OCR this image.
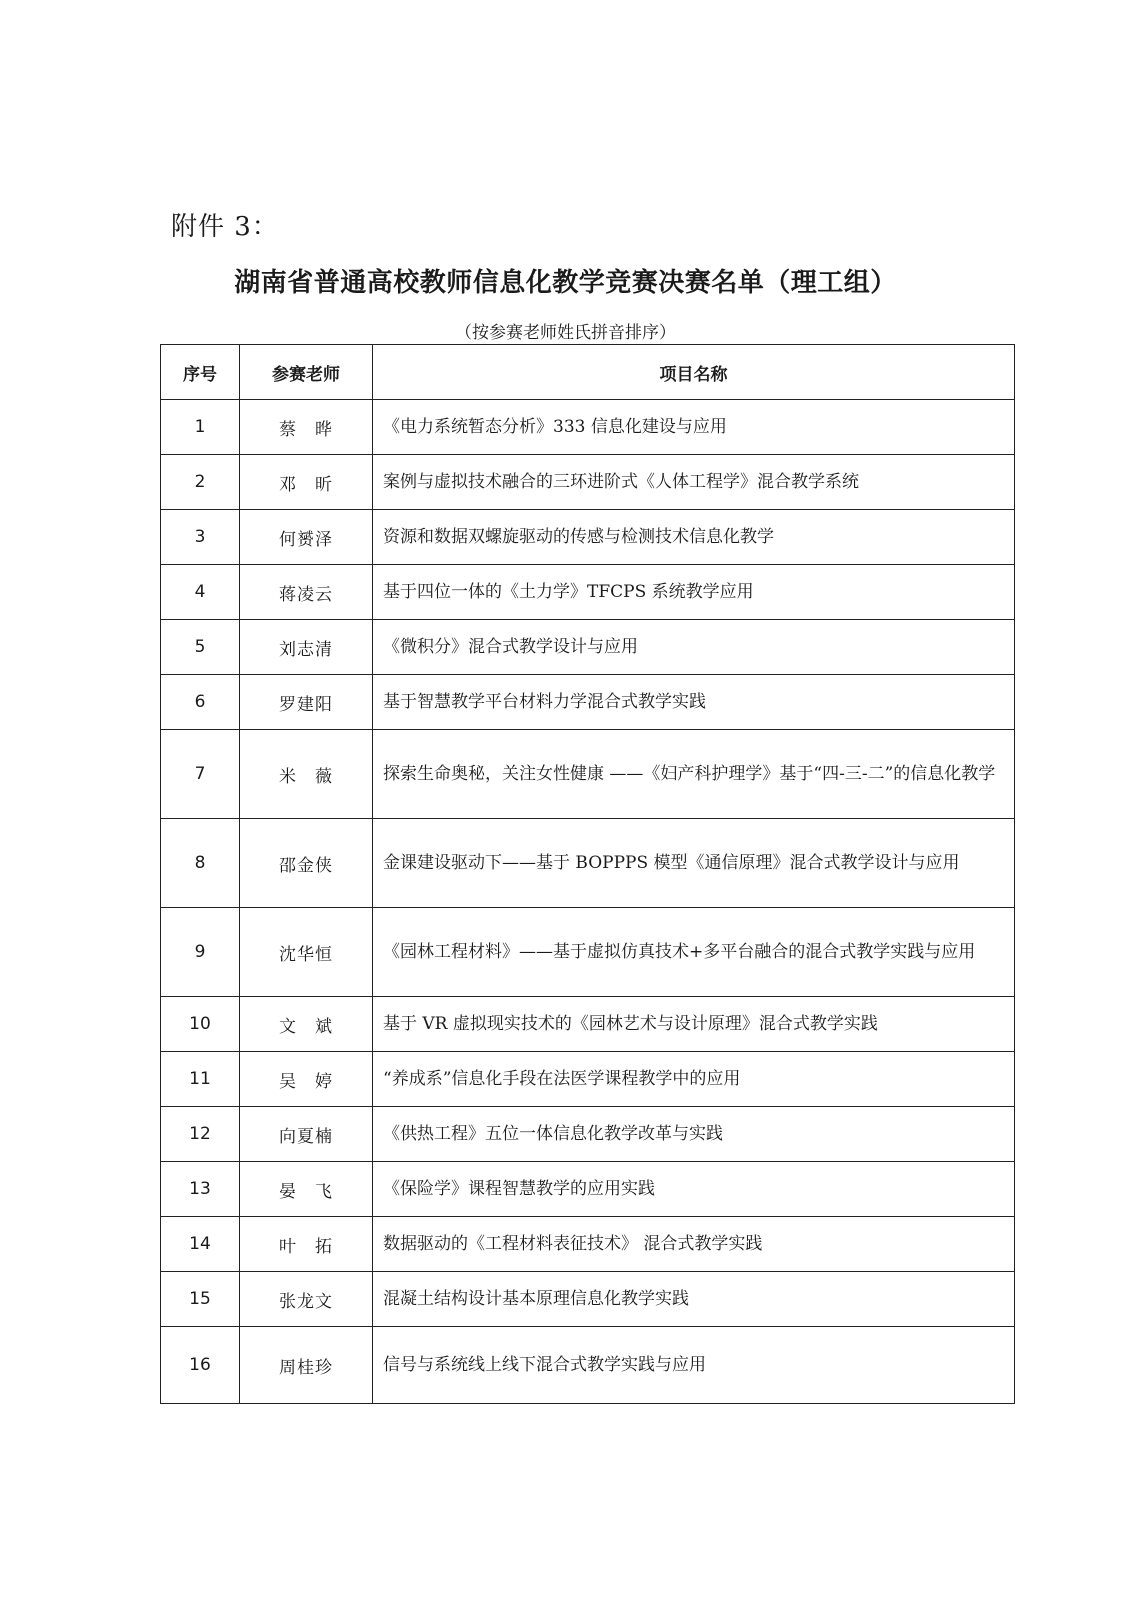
附件 3：
湖南省普通高校教师信息化教学竞赛决赛名单（理工组）
（按参赛老师姓氏拼音排序）
序号	参赛老师	项目名称
1	蔡　晔	《电力系统暂态分析》333 信息化建设与应用
2	邓　昕	案例与虚拟技术融合的三环进阶式《人体工程学》混合教学系统
3	何赟泽	资源和数据双螺旋驱动的传感与检测技术信息化教学
4	蒋凌云	基于四位一体的《土力学》TFCPS 系统教学应用
5	刘志清	《微积分》混合式教学设计与应用
6	罗建阳	基于智慧教学平台材料力学混合式教学实践
7	米　薇	探索生命奥秘，关注女性健康 ——《妇产科护理学》基于“四-三-二”的信息化教学
8	邵金侠	金课建设驱动下——基于 BOPPPS 模型《通信原理》混合式教学设计与应用
9	沈华恒	《园林工程材料》——基于虚拟仿真技术+多平台融合的混合式教学实践与应用
10	文　斌	基于 VR 虚拟现实技术的《园林艺术与设计原理》混合式教学实践
11	吴　婷	“养成系”信息化手段在法医学课程教学中的应用
12	向夏楠	《供热工程》五位一体信息化教学改革与实践
13	晏　飞	《保险学》课程智慧教学的应用实践
14	叶　拓	数据驱动的《工程材料表征技术》 混合式教学实践
15	张龙文	混凝土结构设计基本原理信息化教学实践
16	周桂珍	信号与系统线上线下混合式教学实践与应用
